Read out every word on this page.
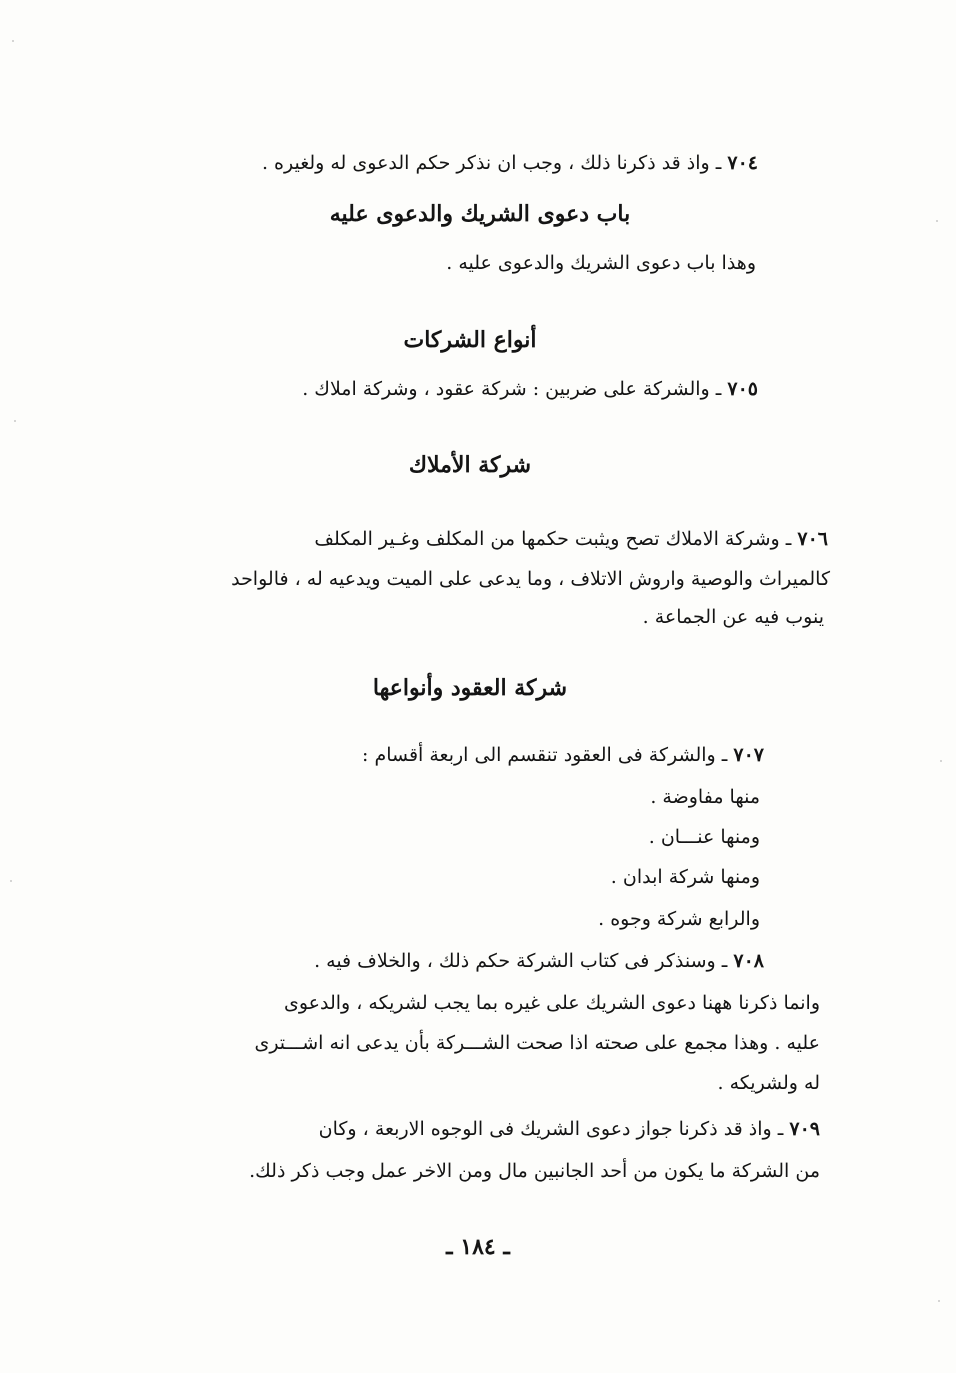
٧٠٤ ـ واذ قد ذكرنا ذلك ، وجب ان نذكر حكم الدعوى له ولغيره .
باب دعوى الشريك والدعوى عليه
وهذا باب دعوى الشريك والدعوى عليه .
أنواع الشركات
٧٠٥ ـ والشركة على ضربين : شركة عقود ، وشركة املاك .
شركة الأملاك
٧٠٦ ـ وشركة الاملاك تصح ويثبت حكمها من المكلف وغـير المكلف
كالميراث والوصية واروش الاتلاف ، وما يدعى على الميت ويدعيه له ، فالواحد
ينوب فيه عن الجماعة .
شركة العقود وأنواعها
٧٠٧ ـ والشركة فى العقود تنقسم الى اربعة أقسام :
منها مفاوضة .
ومنها عنـــان .
ومنها شركة ابدان .
والرابع شركة وجوه .
٧٠٨ ـ وسنذكر فى كتاب الشركة حكم ذلك ، والخلاف فيه .
وانما ذكرنا ههنا دعوى الشريك على غيره بما يجب لشريكه ، والدعوى
عليه . وهذا مجمع على صحته اذا صحت الشـــركة بأن يدعى انه اشـــترى
له ولشريكه .
٧٠٩ ـ واذ قد ذكرنا جواز دعوى الشريك فى الوجوه الاربعة ، وكان
من الشركة ما يكون من أحد الجانبين مال ومن الاخر عمل وجب ذكر ذلك.
ـ ١٨٤ ـ
